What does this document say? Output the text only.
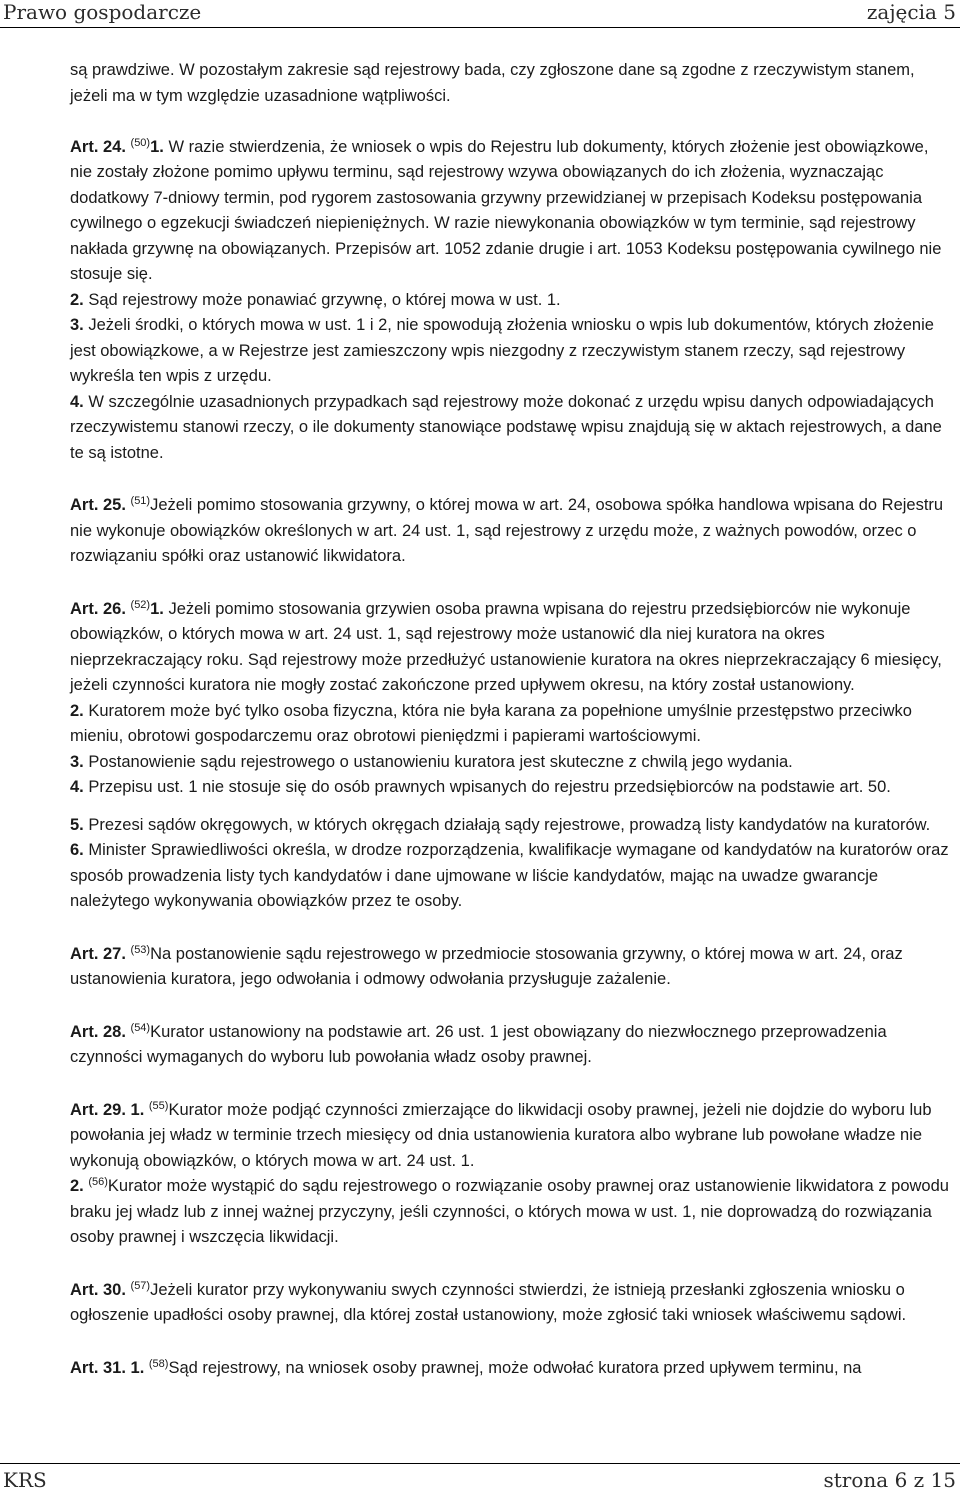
Prawo gospodarcze	zajęcia 5

są prawdziwe. W pozostałym zakresie sąd rejestrowy bada, czy zgłoszone dane są zgodne z rzeczywistym stanem, jeżeli ma w tym względzie uzasadnione wątpliwości.

Art. 24. $^{(50)}$1. W razie stwierdzenia, że wniosek o wpis do Rejestru lub dokumenty, których złożenie jest obowiązkowe, nie zostały złożone pomimo upływu terminu, sąd rejestrowy wzywa obowiązanych do ich złożenia, wyznaczając dodatkowy 7-dniowy termin, pod rygorem zastosowania grzywny przewidzianej w przepisach Kodeksu postępowania cywilnego o egzekucji świadczeń niepieniężnych. W razie niewykonania obowiązków w tym terminie, sąd rejestrowy nakłada grzywnę na obowiązanych. Przepisów art. 1052 zdanie drugie i art. 1053 Kodeksu postępowania cywilnego nie stosuje się.

2. Sąd rejestrowy może ponawiać grzywnę, o której mowa w ust. 1.

3. Jeżeli środki, o których mowa w ust. 1 i 2, nie spowodują złożenia wniosku o wpis lub dokumentów, których złożenie jest obowiązkowe, a w Rejestrze jest zamieszczony wpis niezgodny z rzeczywistym stanem rzeczy, sąd rejestrowy wykreśla ten wpis z urzędu.

4. W szczególnie uzasadnionych przypadkach sąd rejestrowy może dokonać z urzędu wpisu danych odpowiadających rzeczywistemu stanowi rzeczy, o ile dokumenty stanowiące podstawę wpisu znajdują się w aktach rejestrowych, a dane te są istotne.

Art. 25. $^{(51)}$Jeżeli pomimo stosowania grzywny, o której mowa w art. 24, osobowa spółka handlowa wpisana do Rejestru nie wykonuje obowiązków określonych w art. 24 ust. 1, sąd rejestrowy z urzędu może, z ważnych powodów, orzec o rozwiązaniu spółki oraz ustanowić likwidatora.

Art. 26. $^{(52)}$1. Jeżeli pomimo stosowania grzywien osoba prawna wpisana do rejestru przedsiębiorców nie wykonuje obowiązków, o których mowa w art. 24 ust. 1, sąd rejestrowy może ustanowić dla niej kuratora na okres nieprzekraczający roku. Sąd rejestrowy może przedłużyć ustanowienie kuratora na okres nieprzekraczający 6 miesięcy, jeżeli czynności kuratora nie mogły zostać zakończone przed upływem okresu, na który został ustanowiony.

2. Kuratorem może być tylko osoba fizyczna, która nie była karana za popełnione umyślnie przestępstwo przeciwko mieniu, obrotowi gospodarczemu oraz obrotowi pieniędzmi i papierami wartościowymi.

3. Postanowienie sądu rejestrowego o ustanowieniu kuratora jest skuteczne z chwilą jego wydania.

4. Przepisu ust. 1 nie stosuje się do osób prawnych wpisanych do rejestru przedsiębiorców na podstawie art. 50.

5. Prezesi sądów okręgowych, w których okręgach działają sądy rejestrowe, prowadzą listy kandydatów na kuratorów.

6. Minister Sprawiedliwości określa, w drodze rozporządzenia, kwalifikacje wymagane od kandydatów na kuratorów oraz sposób prowadzenia listy tych kandydatów i dane ujmowane w liście kandydatów, mając na uwadze gwarancje należytego wykonywania obowiązków przez te osoby.

Art. 27. $^{(53)}$Na postanowienie sądu rejestrowego w przedmiocie stosowania grzywny, o której mowa w art. 24, oraz ustanowienia kuratora, jego odwołania i odmowy odwołania przysługuje zażalenie.

Art. 28. $^{(54)}$Kurator ustanowiony na podstawie art. 26 ust. 1 jest obowiązany do niezwłocznego przeprowadzenia czynności wymaganych do wyboru lub powołania władz osoby prawnej.

Art. 29. 1. $^{(55)}$Kurator może podjąć czynności zmierzające do likwidacji osoby prawnej, jeżeli nie dojdzie do wyboru lub powołania jej władz w terminie trzech miesięcy od dnia ustanowienia kuratora albo wybrane lub powołane władze nie wykonują obowiązków, o których mowa w art. 24 ust. 1.

2. $^{(56)}$Kurator może wystąpić do sądu rejestrowego o rozwiązanie osoby prawnej oraz ustanowienie likwidatora z powodu braku jej władz lub z innej ważnej przyczyny, jeśli czynności, o których mowa w ust. 1, nie doprowadzą do rozwiązania osoby prawnej i wszczęcia likwidacji.

Art. 30. $^{(57)}$Jeżeli kurator przy wykonywaniu swych czynności stwierdzi, że istnieją przesłanki zgłoszenia wniosku o ogłoszenie upadłości osoby prawnej, dla której został ustanowiony, może zgłosić taki wniosek właściwemu sądowi.

Art. 31. 1. $^{(58)}$Sąd rejestrowy, na wniosek osoby prawnej, może odwołać kuratora przed upływem terminu, na

KRS	strona 6 z 15
